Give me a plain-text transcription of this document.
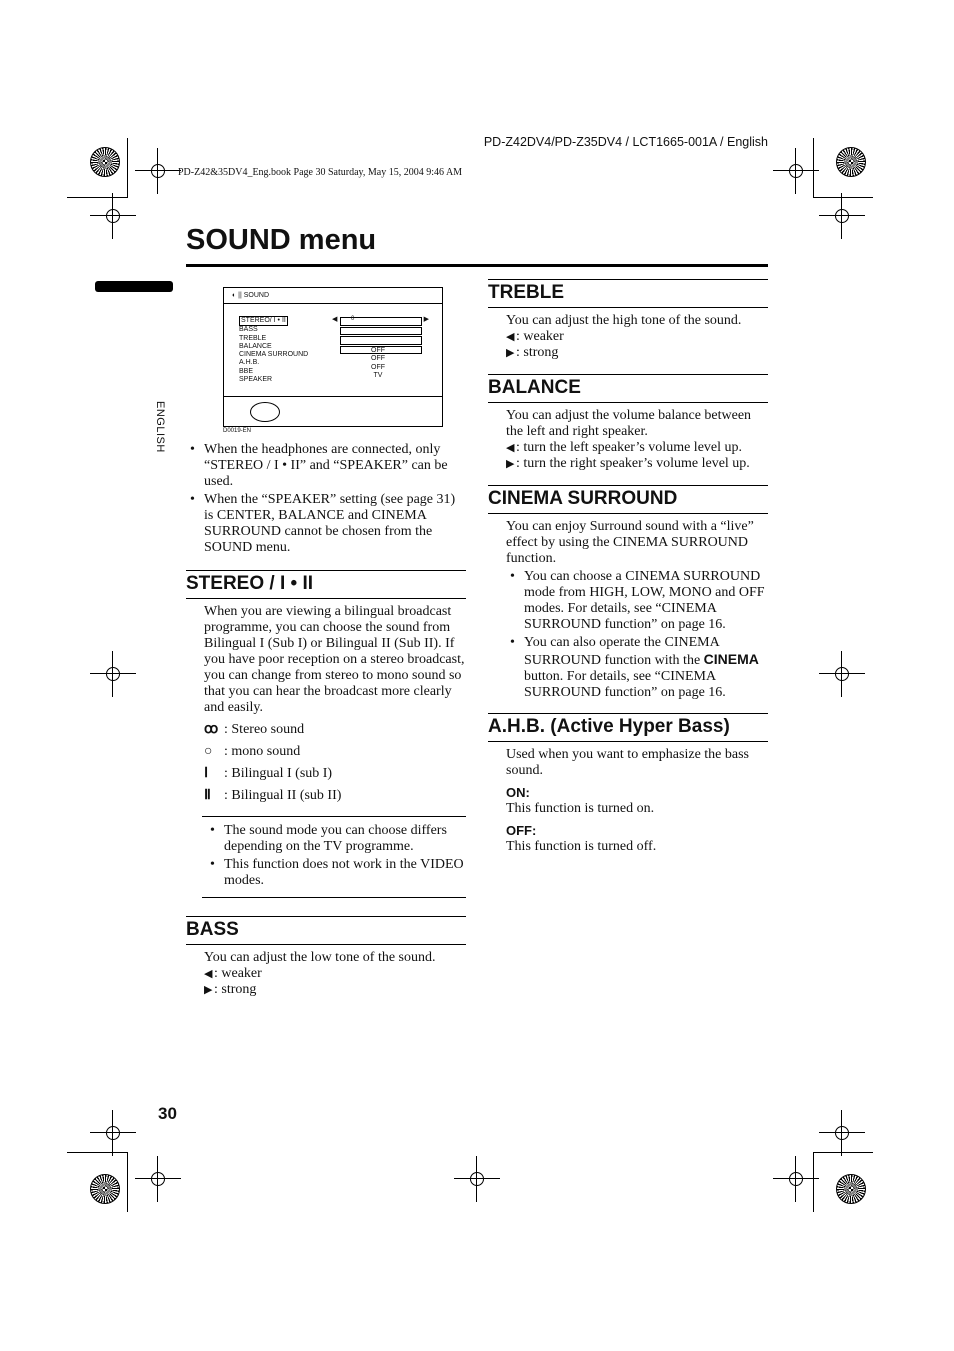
PD-Z42DV4/PD-Z35DV4 / LCT1665-001A / English
PD-Z42&35DV4_Eng.book Page 30 Saturday, May 15, 2004 9:46 AM
SOUND menu
ENGLISH
30
◐ || SOUND
STEREO/ I • II
BASS
TREBLE
BALANCE
CINEMA SURROUND
A.H.B.
BBE
SPEAKER
◀ 0	▶
OFF
OFF
OFF
TV
D0019-EN
• When the headphones are connected, only “STEREO / I • II” and “SPEAKER” can be used.
• When the “SPEAKER” setting (see page 31) is CENTER, BALANCE and CINEMA SURROUND cannot be chosen from the SOUND menu.
STEREO / I • II

When you are viewing a bilingual broadcast programme, you can choose the sound from Bilingual I (Sub I) or Bilingual II (Sub II). If you have poor reception on a stereo broadcast, you can change from stereo to mono sound so that you can hear the broadcast more clearly and easily.

ꝏ : Stereo sound
○ : mono sound
Ⅰ	: Bilingual I (sub I)
Ⅱ : Bilingual II (sub II)
• The sound mode you can choose differs depending on the TV programme.
• This function does not work in the VIDEO modes.
BASS

You can adjust the low tone of the sound.

◀ : weaker

▶ : strong

TREBLE

You can adjust the high tone of the sound.

◀ : weaker

▶ : strong

BALANCE

You can adjust the volume balance between the left and right speaker.

◀ : turn the left speaker’s volume level up.

▶ : turn the right speaker’s volume level up.

CINEMA SURROUND

You can enjoy Surround sound with a “live” effect by using the CINEMA SURROUND function.

• You can choose a CINEMA SURROUND mode from HIGH, LOW, MONO and OFF modes. For details, see “CINEMA SURROUND function” on page 16.
• You can also operate the CINEMA SURROUND function with the CINEMA button. For details, see “CINEMA SURROUND function” on page 16.
A.H.B. (Active Hyper Bass)

Used when you want to emphasize the bass sound.

ON:

This function is turned on.

OFF:

This function is turned off.
